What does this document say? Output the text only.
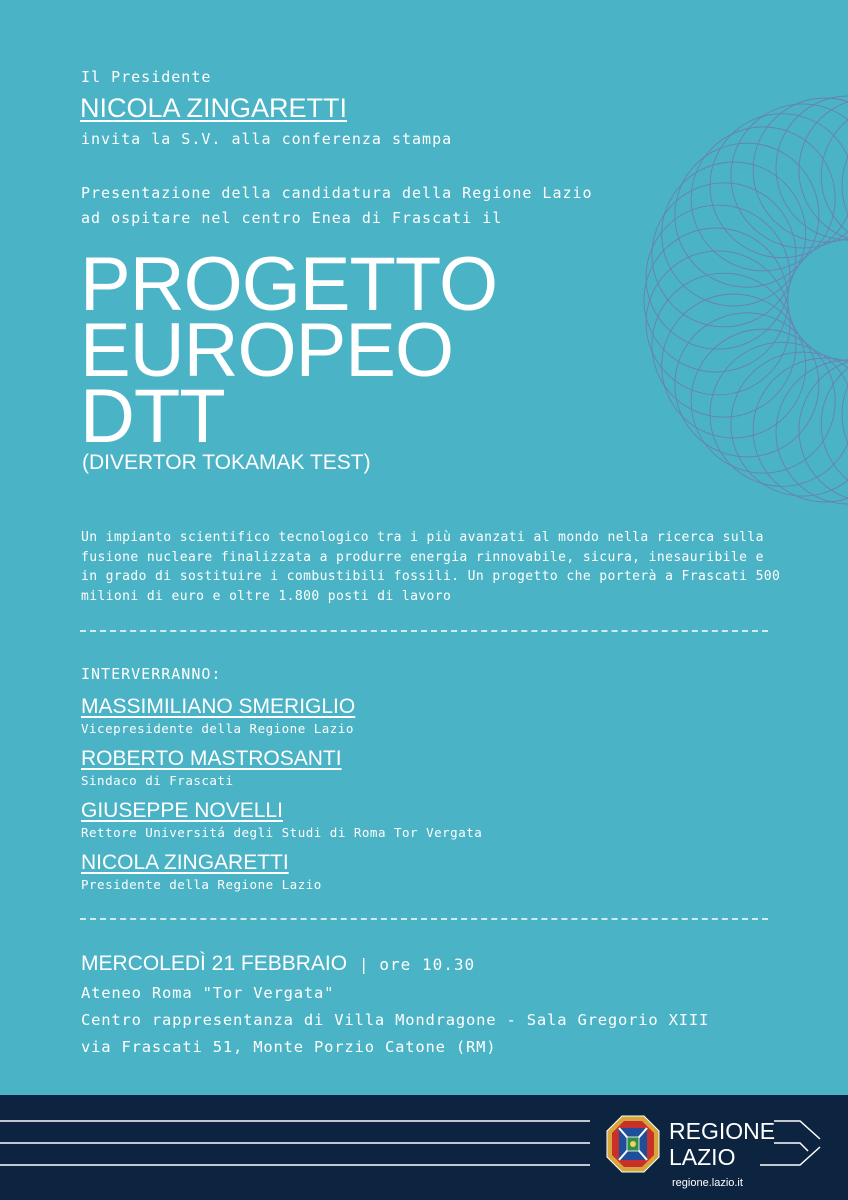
Il Presidente
NICOLA ZINGARETTI
invita la S.V. alla conferenza stampa
Presentazione della candidatura della Regione Lazio
ad ospitare nel centro Enea di Frascati il
PROGETTO
EUROPEO
DTT
(DIVERTOR TOKAMAK TEST)
Un impianto scientifico tecnologico tra i più avanzati al mondo nella ricerca sulla fusione nucleare finalizzata a produrre energia rinnovabile, sicura, inesauribile e in grado di sostituire i combustibili fossili. Un progetto che porterà a Frascati 500 milioni di euro e oltre 1.800 posti di lavoro
INTERVERRANNO:
MASSIMILIANO SMERIGLIO
Vicepresidente della Regione Lazio
ROBERTO MASTROSANTI
Sindaco di Frascati
GIUSEPPE NOVELLI
Rettore Universitá degli Studi di Roma Tor Vergata
NICOLA ZINGARETTI
Presidente della Regione Lazio
MERCOLEDÌ 21 FEBBRAIO | ore 10.30
Ateneo Roma "Tor Vergata"
Centro rappresentanza di Villa Mondragone - Sala Gregorio XIII
via Frascati 51, Monte Porzio Catone (RM)
REGIONE
LAZIO
regione.lazio.it
